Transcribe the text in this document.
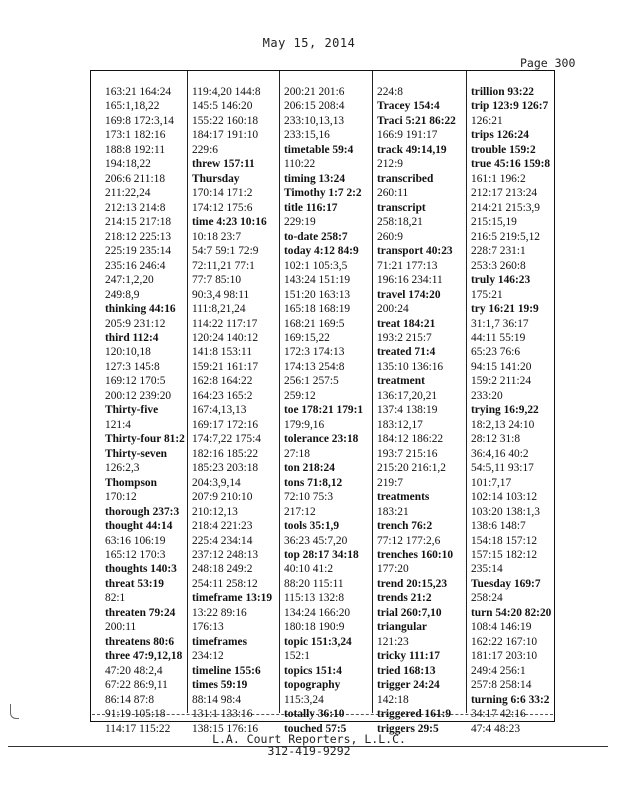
May 15, 2014
Page 300
163:21 164:24
165:1,18,22
169:8 172:3,14
173:1 182:16
188:8 192:11
194:18,22
206:6 211:18
211:22,24
212:13 214:8
214:15 217:18
218:12 225:13
225:19 235:14
235:16 246:4
247:1,2,20
249:8,9
thinking 44:16
205:9 231:12
third 112:4
120:10,18
127:3 145:8
169:12 170:5
200:12 239:20
Thirty-five
121:4
Thirty-four 81:2
Thirty-seven
126:2,3
Thompson
170:12
thorough 237:3
thought 44:14
63:16 106:19
165:12 170:3
thoughts 140:3
threat 53:19
82:1
threaten 79:24
200:11
threatens 80:6
three 47:9,12,18
47:20 48:2,4
67:22 86:9,11
86:14 87:8
91:19 105:18
114:17 115:22
119:4,20 144:8
145:5 146:20
155:22 160:18
184:17 191:10
229:6
threw 157:11
Thursday
170:14 171:2
174:12 175:6
time 4:23 10:16
10:18 23:7
54:7 59:1 72:9
72:11,21 77:1
77:7 85:10
90:3,4 98:11
111:8,21,24
114:22 117:17
120:24 140:12
141:8 153:11
159:21 161:17
162:8 164:22
164:23 165:2
167:4,13,13
169:17 172:16
174:7,22 175:4
182:16 185:22
185:23 203:18
204:3,9,14
207:9 210:10
210:12,13
218:4 221:23
225:4 234:14
237:12 248:13
248:18 249:2
254:11 258:12
timeframe 13:19
13:22 89:16
176:13
timeframes
234:12
timeline 155:6
times 59:19
88:14 98:4
131:1 133:16
138:15 176:16
200:21 201:6
206:15 208:4
233:10,13,13
233:15,16
timetable 59:4
110:22
timing 13:24
Timothy 1:7 2:2
title 116:17
229:19
to-date 258:7
today 4:12 84:9
102:1 105:3,5
143:24 151:19
151:20 163:13
165:18 168:19
168:21 169:5
169:15,22
172:3 174:13
174:13 254:8
256:1 257:5
259:12
toe 178:21 179:1
179:9,16
tolerance 23:18
27:18
ton 218:24
tons 71:8,12
72:10 75:3
217:12
tools 35:1,9
36:23 45:7,20
top 28:17 34:18
40:10 41:2
88:20 115:11
115:13 132:8
134:24 166:20
180:18 190:9
topic 151:3,24
152:1
topics 151:4
topography
115:3,24
totally 36:10
touched 57:5
224:8
Tracey 154:4
Traci 5:21 86:22
166:9 191:17
track 49:14,19
212:9
transcribed
260:11
transcript
258:18,21
260:9
transport 40:23
71:21 177:13
196:16 234:11
travel 174:20
200:24
treat 184:21
193:2 215:7
treated 71:4
135:10 136:16
treatment
136:17,20,21
137:4 138:19
183:12,17
184:12 186:22
193:7 215:16
215:20 216:1,2
219:7
treatments
183:21
trench 76:2
77:12 177:2,6
trenches 160:10
177:20
trend 20:15,23
trends 21:2
trial 260:7,10
triangular
121:23
tricky 111:17
tried 168:13
trigger 24:24
142:18
triggered 161:9
triggers 29:5
trillion 93:22
trip 123:9 126:7
126:21
trips 126:24
trouble 159:2
true 45:16 159:8
161:1 196:2
212:17 213:24
214:21 215:3,9
215:15,19
216:5 219:5,12
228:7 231:1
253:3 260:8
truly 146:23
175:21
try 16:21 19:9
31:1,7 36:17
44:11 55:19
65:23 76:6
94:15 141:20
159:2 211:24
233:20
trying 16:9,22
18:2,13 24:10
28:12 31:8
36:4,16 40:2
54:5,11 93:17
101:7,17
102:14 103:12
103:20 138:1,3
138:6 148:7
154:18 157:12
157:15 182:12
235:14
Tuesday 169:7
258:24
turn 54:20 82:20
108:4 146:19
162:22 167:10
181:17 203:10
249:4 256:1
257:8 258:14
turning 6:6 33:2
34:17 42:16
47:4 48:23
L.A. Court Reporters, L.L.C.
312-419-9292
